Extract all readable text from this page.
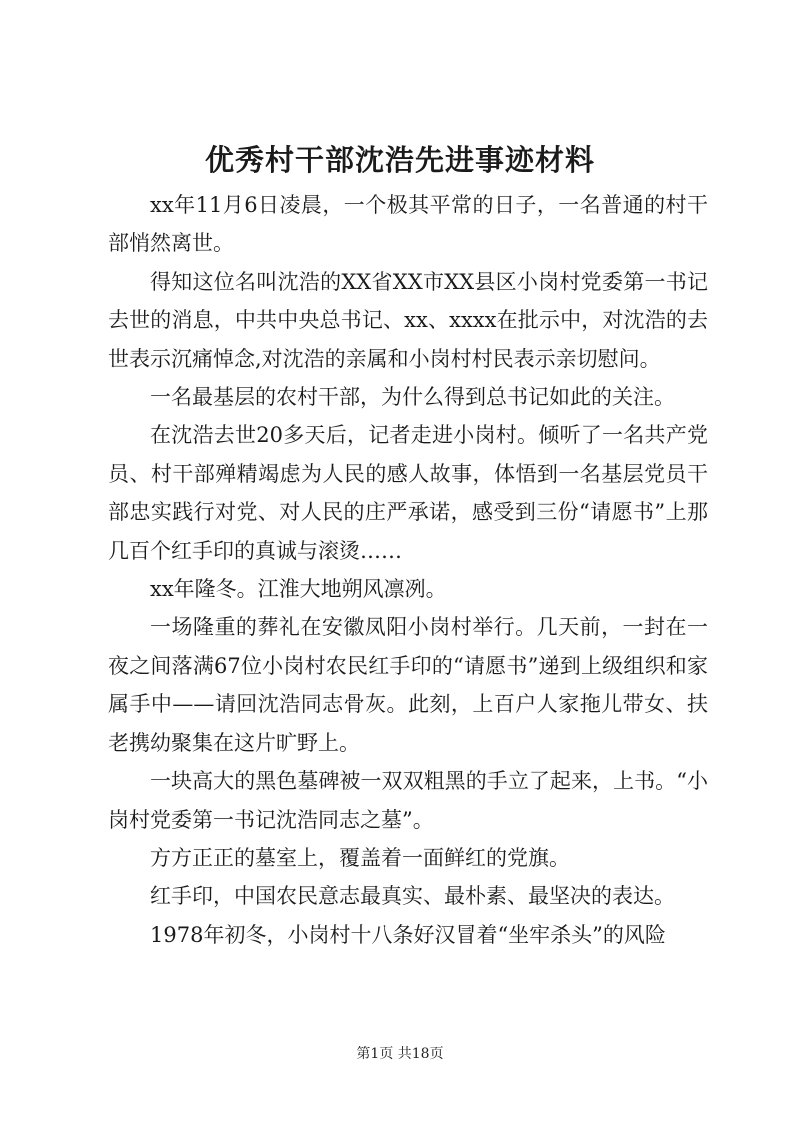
优秀村干部沈浩先进事迹材料

xx年11月6日凌晨，一个极其平常的日子，一名普通的村干部悄然离世。

得知这位名叫沈浩的XX省XX市XX县区小岗村党委第一书记去世的消息，中共中央总书记、xx、xxxx在批示中，对沈浩的去世表示沉痛悼念,对沈浩的亲属和小岗村村民表示亲切慰问。

一名最基层的农村干部，为什么得到总书记如此的关注。

在沈浩去世20多天后，记者走进小岗村。倾听了一名共产党员、村干部殚精竭虑为人民的感人故事，体悟到一名基层党员干部忠实践行对党、对人民的庄严承诺，感受到三份“请愿书”上那几百个红手印的真诚与滚烫……

xx年隆冬。江淮大地朔风凛冽。

一场隆重的葬礼在安徽凤阳小岗村举行。几天前，一封在一夜之间落满67位小岗村农民红手印的“请愿书”递到上级组织和家属手中——请回沈浩同志骨灰。此刻，上百户人家拖儿带女、扶老携幼聚集在这片旷野上。

一块高大的黑色墓碑被一双双粗黑的手立了起来，上书。“小岗村党委第一书记沈浩同志之墓”。

方方正正的墓室上，覆盖着一面鲜红的党旗。

红手印，中国农民意志最真实、最朴素、最坚决的表达。

1978年初冬，小岗村十八条好汉冒着“坐牢杀头”的风险

第1页 共18页
